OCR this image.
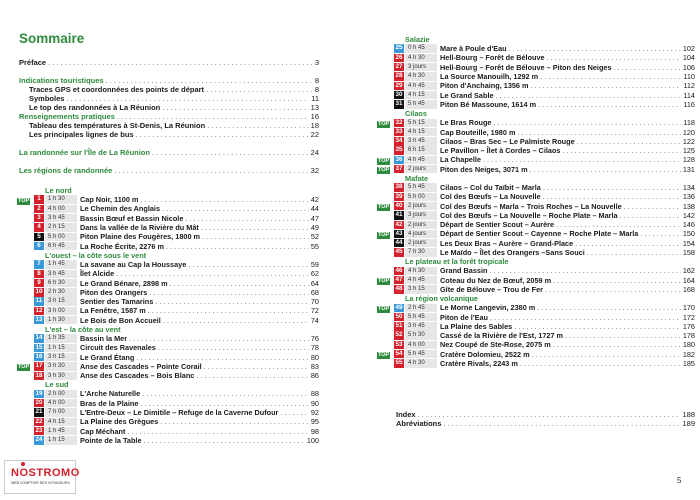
Sommaire
Préface . . .	3
Indications touristiques . . .	8
Traces GPS et coordonnées des points de départ . . .	8
Symboles . . .	11
Le top des randonnées à La Réunion . . .	13
Renseignements pratiques . . .	16
Tableau des températures à St-Denis, La Réunion . . .	18
Les principales lignes de bus . . .	22
La randonnée sur l'Île de La Réunion . . .	24
Les régions de randonnée . . .	32
Le nord
TOP	1	1 h 30	Cap Noir, 1100 m . . .	42
2	4 h 00	Le Chemin des Anglais . . .	44
3	3 h 45	Bassin Bœuf et Bassin Nicole . . .	47
4	2 h 15	Dans la vallée de la Rivière du Mât . . .	49
5	5 h 00	Piton Plaine des Fougères, 1800 m . . .	52
6	6 h 45	La Roche Écrite, 2276 m . . .	55
L'ouest – la côte sous le vent
7	1 h 45	La savane au Cap la Houssaye . . .	59
8	3 h 45	Îlet Alcide . . .	62
9	6 h 30	Le Grand Bénare, 2898 m . . .	64
10 2 h 30	Piton des Orangers . . .	68
11 3 h 15	Sentier des Tamarins . . .	70
12 3 h 00	La Fenêtre, 1587 m . . .	72
13 1 h 30	Le Bois de Bon Accueil . . .	74
L'est – la côte au vent
14 1 h 35	Bassin la Mer . . .	76
15 1 h 15	Circuit des Ravenales . . .	78
16 3 h 15	Le Grand Étang . . .	80
TOP 17 3 h 30	Anse des Cascades – Pointe Corail . . .	83
18 3 h 30	Anse des Cascades – Bois Blanc . . .	86
Le sud
19 2 h 00	L'Arche Naturelle . . .	88
20 4 h 00	Bras de la Plaine . . .	90
21 7 h 00	L'Entre-Deux – Le Dimitile – Refuge de la Caverne Dufour . . .	92
22 4 h 15	La Plaine des Grègues . . .	95
23 1 h 45	Cap Méchant . . .	98
24 1 h 15	Pointe de la Table . . .	100
Salazie
25 0 h 45	Mare à Poule d'Eau . . .	102
26 4 h 30	Hell-Bourg – Forêt de Bélouve . . .	104
27 3 jours	Hell-Bourg – Forêt de Bélouve – Piton des Neiges . . .	106
28 4 h 30	La Source Manouilh, 1292 m . . .	110
29 4 h 45	Piton d'Anchaing, 1356 m . . .	112
30 4 h 15	Le Grand Sable . . .	114
31 5 h 45	Piton Bé Massoune, 1614 m . . .	116
Cilaos
TOP 32 5 h 15	Le Bras Rouge . . .	118
33 4 h 15	Cap Bouteille, 1980 m . . .	120
34 3 h 45	Cilaos – Bras Sec – Le Palmiste Rouge . . .	122
35 6 h 15	Le Pavillon – Îlet à Cordes – Cilaos . . .	125
TOP 36 4 h 45	La Chapelle . . .	128
TOP 37 2 jours	Piton des Neiges, 3071 m . . .	131
Mafate
38 5 h 45	Cilaos – Col du Taïbit – Marla . . .	134
39 5 h 00	Col des Bœufs – La Nouvelle . . .	136
TOP 40 2 jours	Col des Bœufs – Marla – Trois Roches – La Nouvelle . . .	138
41 3 jours	Col des Bœufs – La Nouvelle – Roche Plate – Marla . . .	142
42 2 jours	Départ de Sentier Scout – Aurère . . .	146
TOP 43 4 jours	Départ de Sentier Scout – Cayenne – Roche Plate – Marla . . .	150
44 2 jours	Les Deux Bras – Aurère – Grand-Place . . .	154
45 7 h 30	Le Maïdo – Îlet des Orangers –Sans Souci . . .	158
Le plateau et la forêt tropicale
46 4 h 30	Grand Bassin . . .	162
TOP 47 4 h 45	Coteau du Nez de Bœuf, 2059 m . . .	164
48 3 h 15	Gîte de Bélouve – Trou de Fer . . .	168
La région volcanique
TOP 49 2 h 45	Le Morne Langevin, 2380 m . . .	170
50 5 h 45	Piton de l'Eau . . .	172
51 3 h 45	La Plaine des Sables . . .	176
52 5 h 30	Cassé de la Rivière de l'Est, 1727 m . . .	178
53 4 h 00	Nez Coupé de Ste-Rose, 2075 m . . .	180
TOP 54 5 h 45	Cratère Dolomieu, 2522 m . . .	182
55 4 h 30	Cratère Rivals, 2243 m . . .	185
Index . . .	188
Abréviations . . .	189
NOSTROMO
WEB COMPTOIR DES VOYAGEURS	5
